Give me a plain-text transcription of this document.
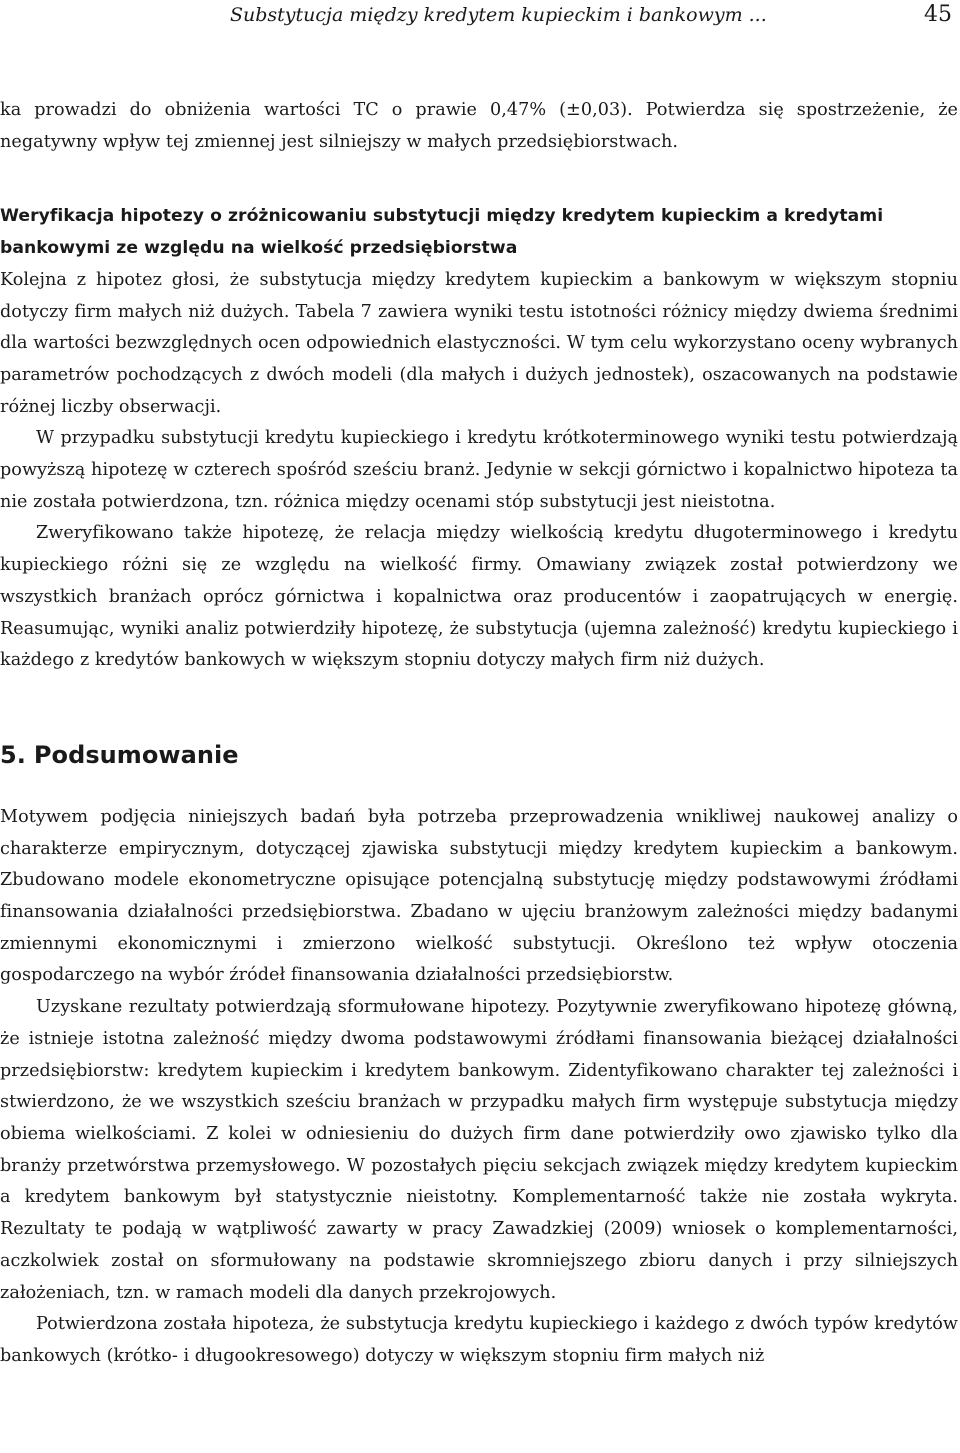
Substytucja między kredytem kupieckim i bankowym ...	45

ka prowadzi do obniżenia wartości TC o prawie 0,47% (±0,03). Potwierdza się spostrzeżenie, że negatywny wpływ tej zmiennej jest silniejszy w małych przedsiębiorstwach.

Weryfikacja hipotezy o zróżnicowaniu substytucji między kredytem kupieckim a kredytami bankowymi ze względu na wielkość przedsiębiorstwa

Kolejna z hipotez głosi, że substytucja między kredytem kupieckim a bankowym w większym stopniu dotyczy firm małych niż dużych. Tabela 7 zawiera wyniki testu istotności różnicy między dwiema średnimi dla wartości bezwzględnych ocen odpowiednich elastyczności. W tym celu wykorzystano oceny wybranych parametrów pochodzących z dwóch modeli (dla małych i dużych jednostek), oszacowanych na podstawie różnej liczby obserwacji.

W przypadku substytucji kredytu kupieckiego i kredytu krótkoterminowego wyniki testu potwierdzają powyższą hipotezę w czterech spośród sześciu branż. Jedynie w sekcji górnictwo i kopalnictwo hipoteza ta nie została potwierdzona, tzn. różnica między ocenami stóp substytucji jest nieistotna.

Zweryfikowano także hipotezę, że relacja między wielkością kredytu długoterminowego i kredytu kupieckiego różni się ze względu na wielkość firmy. Omawiany związek został potwierdzony we wszystkich branżach oprócz górnictwa i kopalnictwa oraz producentów i zaopatrujących w energię. Reasumując, wyniki analiz potwierdziły hipotezę, że substytucja (ujemna zależność) kredytu kupieckiego i każdego z kredytów bankowych w większym stopniu dotyczy małych firm niż dużych.

5. Podsumowanie

Motywem podjęcia niniejszych badań była potrzeba przeprowadzenia wnikliwej naukowej analizy o charakterze empirycznym, dotyczącej zjawiska substytucji między kredytem kupieckim a bankowym. Zbudowano modele ekonometryczne opisujące potencjalną substytucję między podstawowymi źródłami finansowania działalności przedsiębiorstwa. Zbadano w ujęciu branżowym zależności między badanymi zmiennymi ekonomicznymi i zmierzono wielkość substytucji. Określono też wpływ otoczenia gospodarczego na wybór źródeł finansowania działalności przedsiębiorstw.

Uzyskane rezultaty potwierdzają sformułowane hipotezy. Pozytywnie zweryfikowano hipotezę główną, że istnieje istotna zależność między dwoma podstawowymi źródłami finansowania bieżącej działalności przedsiębiorstw: kredytem kupieckim i kredytem bankowym. Zidentyfikowano charakter tej zależności i stwierdzono, że we wszystkich sześciu branżach w przypadku małych firm występuje substytucja między obiema wielkościami. Z kolei w odniesieniu do dużych firm dane potwierdziły owo zjawisko tylko dla branży przetwórstwa przemysłowego. W pozostałych pięciu sekcjach związek między kredytem kupieckim a kredytem bankowym był statystycznie nieistotny. Komplementarność także nie została wykryta. Rezultaty te podają w wątpliwość zawarty w pracy Zawadzkiej (2009) wniosek o komplementarności, aczkolwiek został on sformułowany na podstawie skromniejszego zbioru danych i przy silniejszych założeniach, tzn. w ramach modeli dla danych przekrojowych.

Potwierdzona została hipoteza, że substytucja kredytu kupieckiego i każdego z dwóch typów kredytów bankowych (krótko- i długookresowego) dotyczy w większym stopniu firm małych niż
